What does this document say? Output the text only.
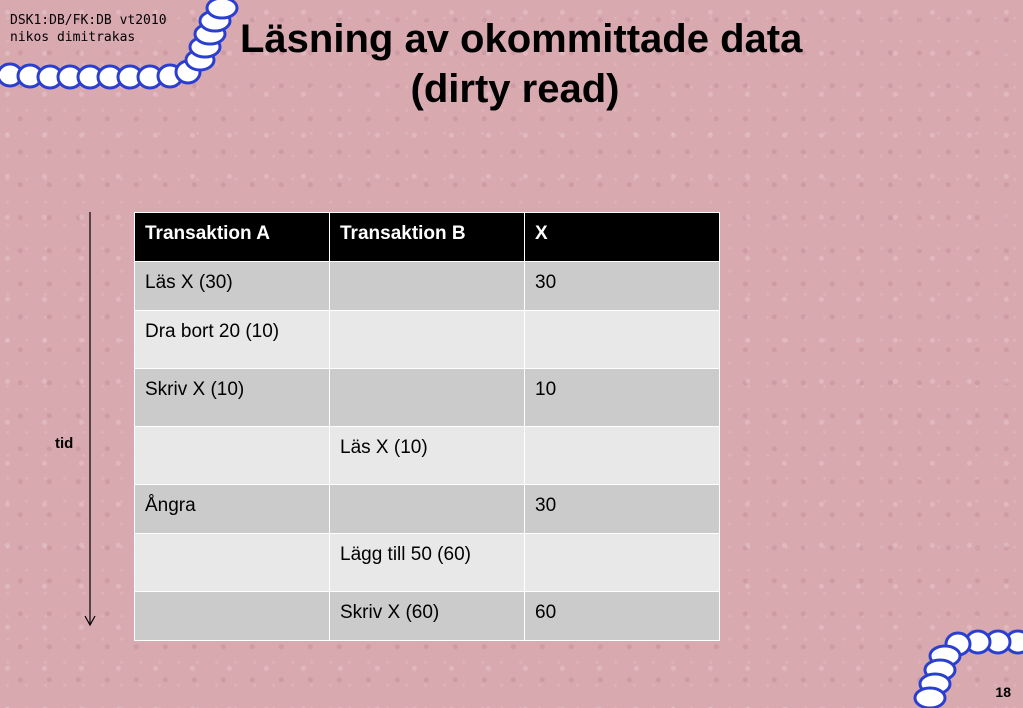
DSK1:DB/FK:DB vt2010
nikos dimitrakas	Läsning av okommittade data
(dirty read)
tid
Transaktion A	Transaktion B	X
Läs X (30)		30
Dra bort 20 (10)		
Skriv X (10)		10
	Läs X (10)	
Ångra		30
	Lägg till 50 (60)	
	Skriv X (60)	60
18
